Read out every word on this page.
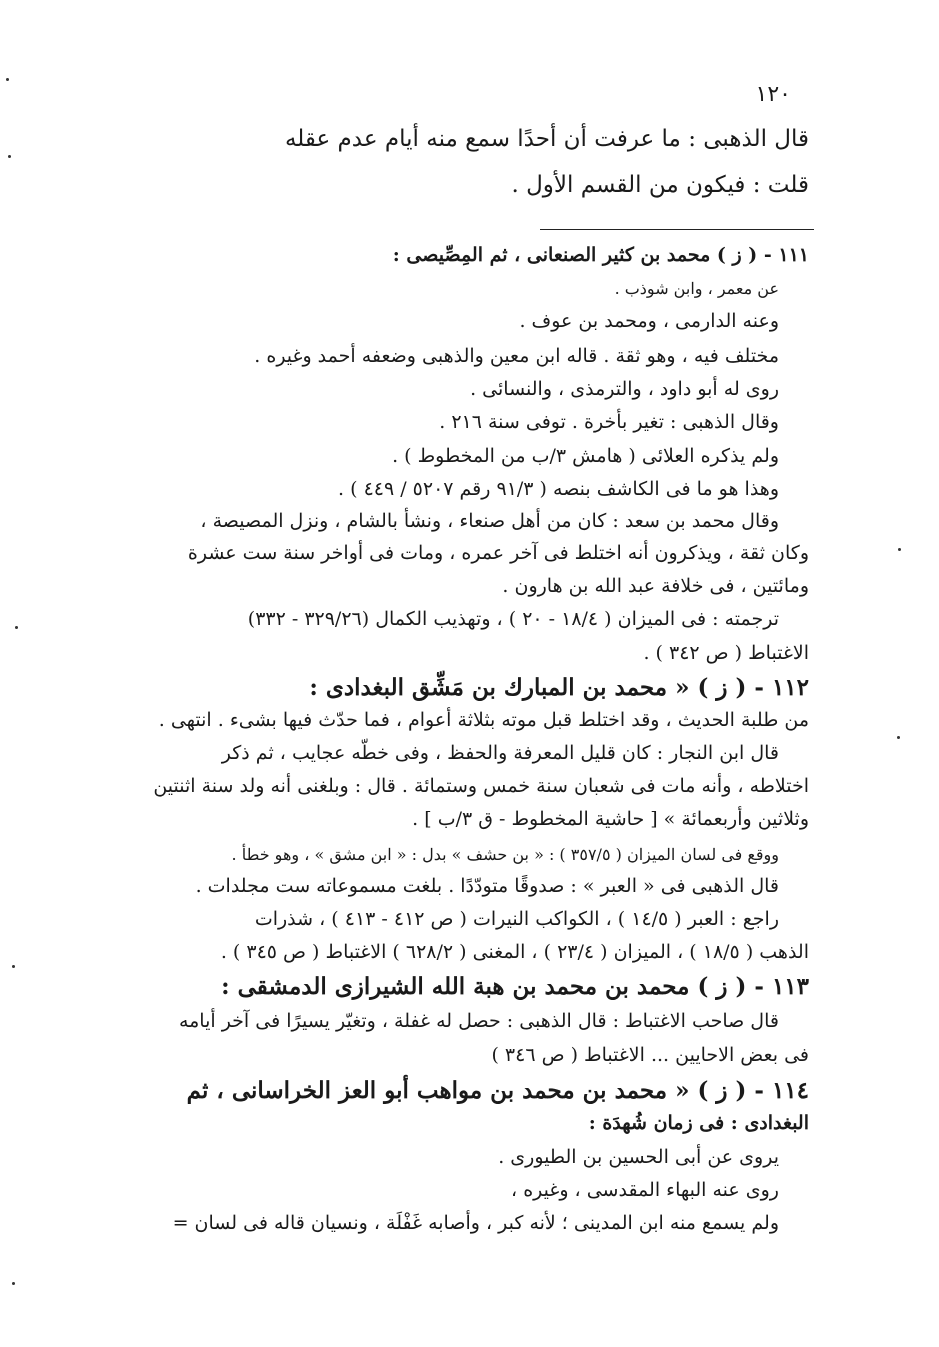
١٢٠
قال الذهبى : ما عرفت أن أحدًا سمع منه أيام عدم عقله
قلت : فيكون من القسم الأول .
١١١ - ( ز ) محمد بن كثير الصنعانى ، ثم المِصِّيصى :
عن معمر ، وابن شوذب .
وعنه الدارمى ، ومحمد بن عوف .
مختلف فيه ، وهو ثقة . قاله ابن معين والذهبى وضعفه أحمد وغيره .
روى له أبو داود ، والترمذى ، والنسائى .
وقال الذهبى : تغير بأخرة . توفى سنة ٢١٦ .
ولم يذكره العلائى ( هامش ٣/ب من المخطوط ) .
وهذا هو ما فى الكاشف بنصه ( ٩١/٣ رقم ٥٢٠٧ / ٤٤٩ ) .
وقال محمد بن سعد : كان من أهل صنعاء ، ونشأ بالشام ، ونزل المصيصة ،
وكان ثقة ، ويذكرون أنه اختلط فى آخر عمره ، ومات فى أواخر سنة ست عشرة
ومائتين ، فى خلافة عبد الله بن هارون .
ترجمته : فى الميزان ( ١٨/٤ - ٢٠ ) ، وتهذيب الكمال (٣٢٩/٢٦ - ٣٣٢)
الاغتباط ( ص ٣٤٢ ) .
١١٢ - ( ز ) « محمد بن المبارك بن مَشِّق البغدادى :
من طلبة الحديث ، وقد اختلط قبل موته بثلاثة أعوام ، فما حدّث فيها بشىء . انتهى .
قال ابن النجار : كان قليل المعرفة والحفظ ، وفى خطّه عجايب ، ثم ذكر
اختلاطه ، وأنه مات فى شعبان سنة خمس وستمائة . قال : وبلغنى أنه ولد سنة اثنتين
وثلاثين وأربعمائة » [ حاشية المخطوط - ق ٣/ب ] .
ووقع فى لسان الميزان ( ٣٥٧/٥ ) : « بن حشف » بدل : « ابن مشق » ، وهو خطأ .
قال الذهبى فى « العبر » : صدوقًا متودّدًا . بلغت مسموعاته ست مجلدات .
راجع : العبر ( ١٤/٥ ) ، الكواكب النيرات ( ص ٤١٢ - ٤١٣ ) ، شذرات
الذهب ( ١٨/٥ ) ، الميزان ( ٢٣/٤ ) ، المغنى ( ٦٢٨/٢ ) الاغتباط ( ص ٣٤٥ ) .
١١٣ - ( ز ) محمد بن محمد بن هبة الله الشيرازى الدمشقى :
قال صاحب الاغتباط : قال الذهبى : حصل له غفلة ، وتغيّر يسيرًا فى آخر أيامه
فى بعض الاحايين ... الاغتباط ( ص ٣٤٦ )
١١٤ - ( ز ) « محمد بن محمد بن مواهب أبو العز الخراسانى ، ثم
البغدادى : فى زمان شُهدَة :
يروى عن أبى الحسين بن الطيورى .
روى عنه البهاء المقدسى ، وغيره ،
ولم يسمع منه ابن المدينى ؛ لأنه كبر ، وأصابه غَفْلَة ، ونسيان قاله فى لسان =
